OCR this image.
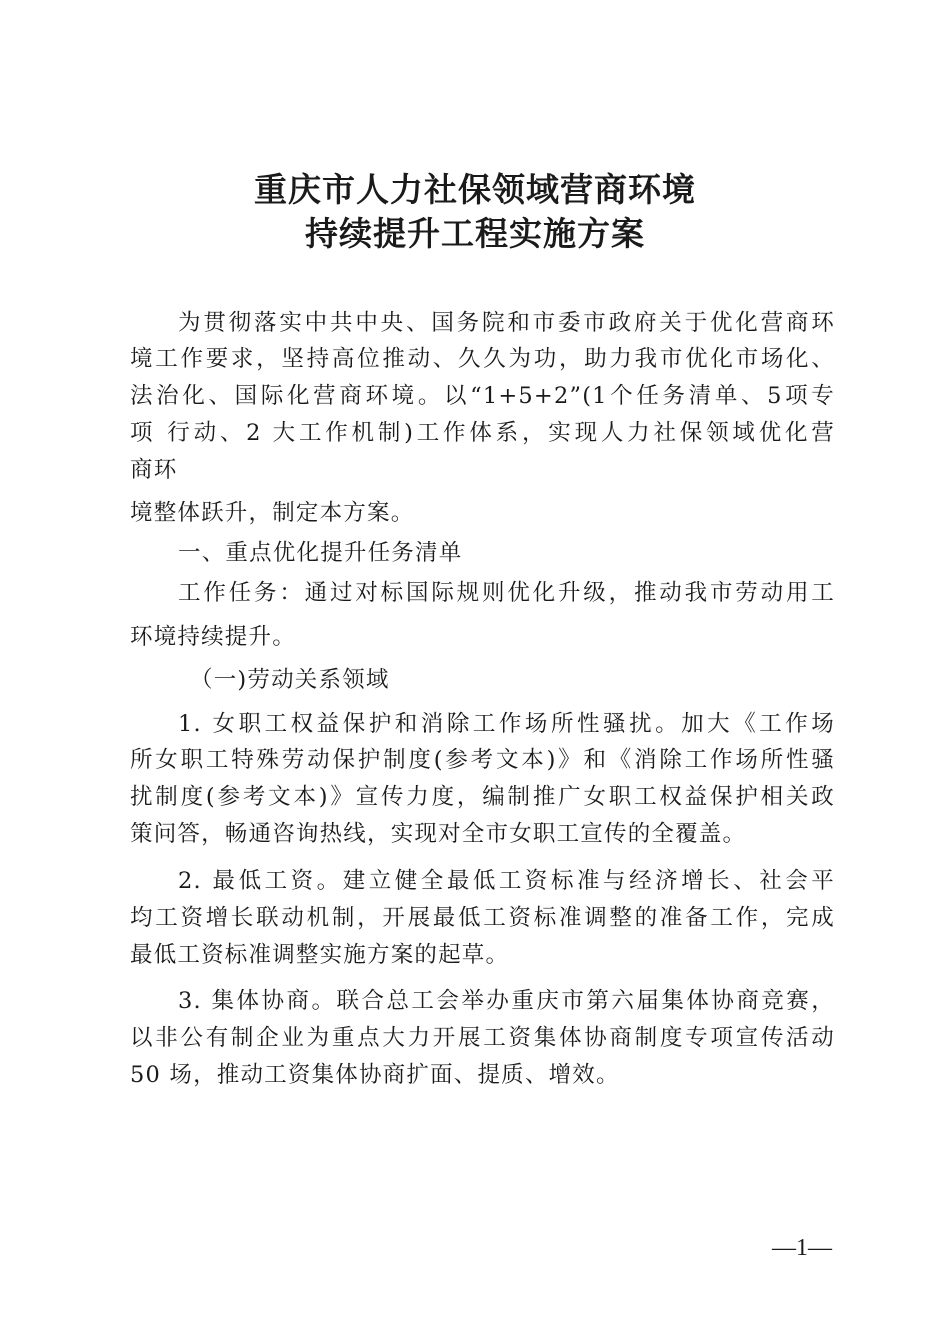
重庆市人力社保领域营商环境
持续提升工程实施方案

为贯彻落实中共中央、国务院和市委市政府关于优化营商环

境工作要求，坚持高位推动、久久为功，助力我市优化市场化、

法治化、国际化营商环境。以“1+5+2”(1个任务清单、5项专

项 行动、2 大工作机制)工作体系，实现人力社保领域优化营

商环

境整体跃升，制定本方案。

一、重点优化提升任务清单

工作任务：通过对标国际规则优化升级，推动我市劳动用工

环境持续提升。

（一)劳动关系领域

1. 女职工权益保护和消除工作场所性骚扰。加大《工作场

所女职工特殊劳动保护制度(参考文本)》和《消除工作场所性骚

扰制度(参考文本)》宣传力度，编制推广女职工权益保护相关政

策问答，畅通咨询热线，实现对全市女职工宣传的全覆盖。

2. 最低工资。建立健全最低工资标准与经济增长、社会平

均工资增长联动机制，开展最低工资标准调整的准备工作，完成

最低工资标准调整实施方案的起草。

3. 集体协商。联合总工会举办重庆市第六届集体协商竞赛，

以非公有制企业为重点大力开展工资集体协商制度专项宣传活动

50 场，推动工资集体协商扩面、提质、增效。

—1—
